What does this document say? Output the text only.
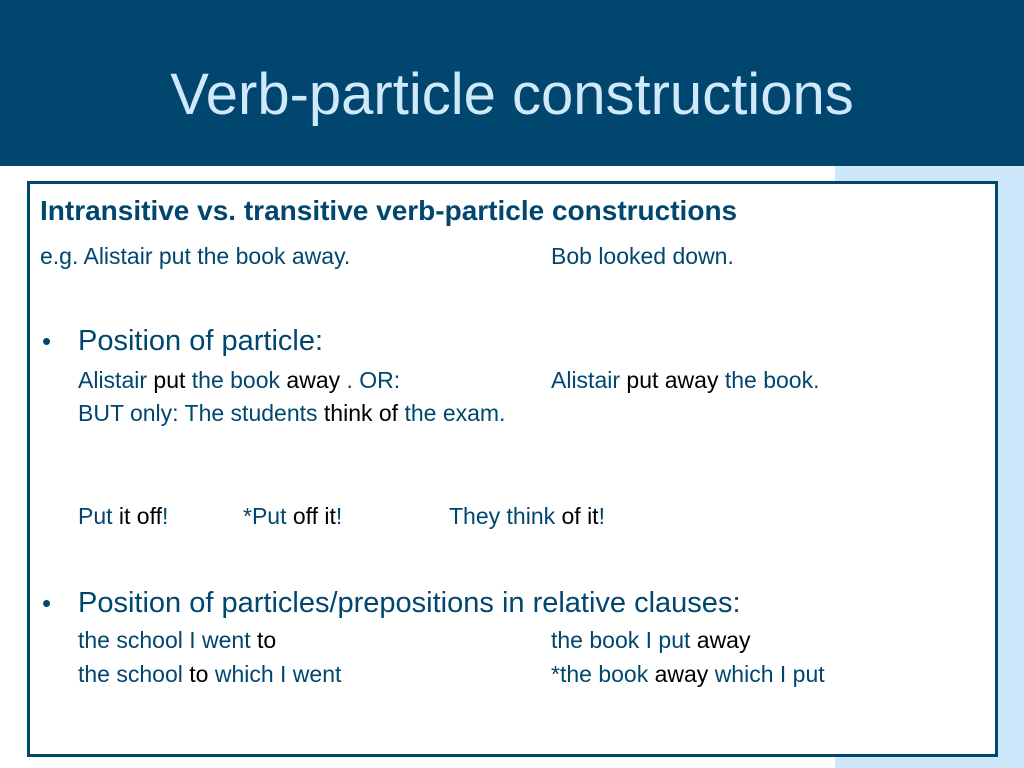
Verb-particle constructions
Intransitive vs. transitive verb-particle constructions
e.g. Alistair put the book away.	Bob looked down.
• Position of particle:
Alistair put the book away . OR:	Alistair put away the book.
BUT only: The students think of the exam.
Put it off!	*Put off it!	They think of it!
• Position of particles/prepositions in relative clauses:
the school I went to	the book I put away
the school to which I went	*the book away which I put
